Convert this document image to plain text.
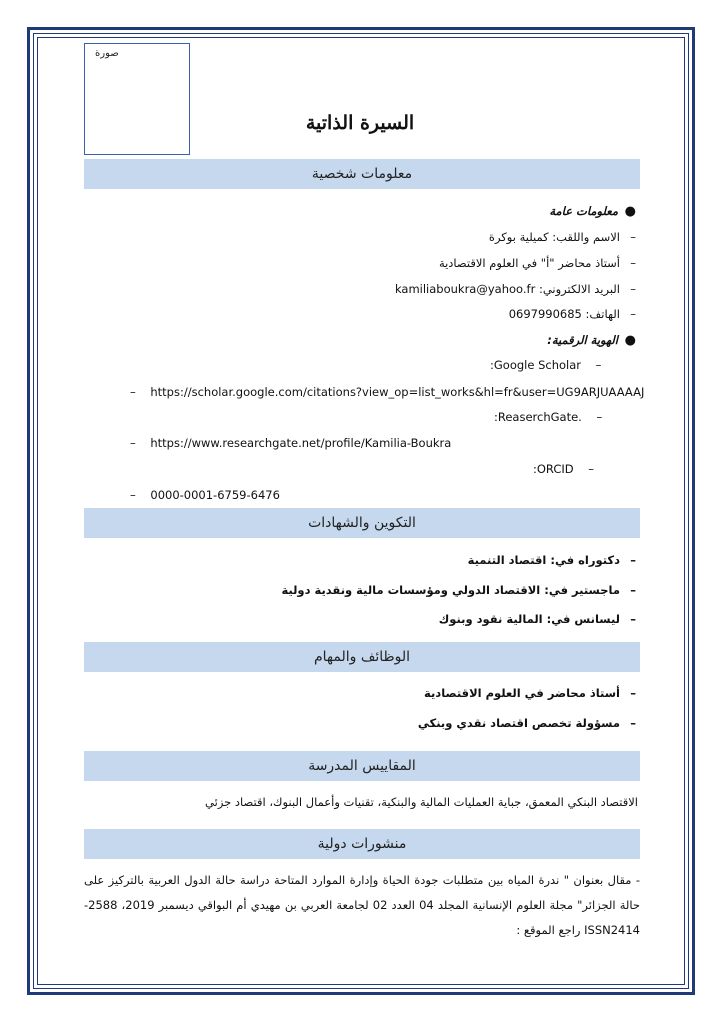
صورة
السيرة الذاتية
معلومات شخصية
●معلومات عامة
–الاسم واللقب: كميلية بوكرة
–أستاذ محاضر "أ" في العلوم الاقتصادية
–البريد الالكتروني: kamiliaboukra@yahoo.fr
–الهاتف: 0697990685
●الهوية الرقمية:
:Google Scholar    –
–    https://scholar.google.com/citations?view_op=list_works&hl=fr&user=UG9ARJUAAAAJ
:ReaserchGate.    –
–    https://www.researchgate.net/profile/Kamilia-Boukra
:ORCID    –
–    0000-0001-6759-6476
التكوين والشهادات
–دكتوراه في: اقتصاد التنمية
–ماجستير في: الاقتصاد الدولي ومؤسسات مالية ونقدية دولية
–ليسانس في: المالية نقود وبنوك
الوظائف والمهام
–أستاذ محاضر في العلوم الاقتصادية
–مسؤولة تخصص اقتصاد نقدي وبنكي
المقاييس المدرسة
الاقتصاد البنكي المعمق، جباية العمليات المالية والبنكية، تقنيات وأعمال البنوك، اقتصاد جزئي
منشورات دولية
- مقال بعنوان " ندرة المياه بين متطلبات جودة الحياة وإدارة الموارد المتاحة دراسة حالة الدول العربية بالتركيز على حالة الجزائر" مجلة العلوم الإنسانية المجلد 04 العدد 02 لجامعة العربي بن مهيدي أم البواقي ديسمبر 2019، 2588-ISSN2414 راجع الموقع :
